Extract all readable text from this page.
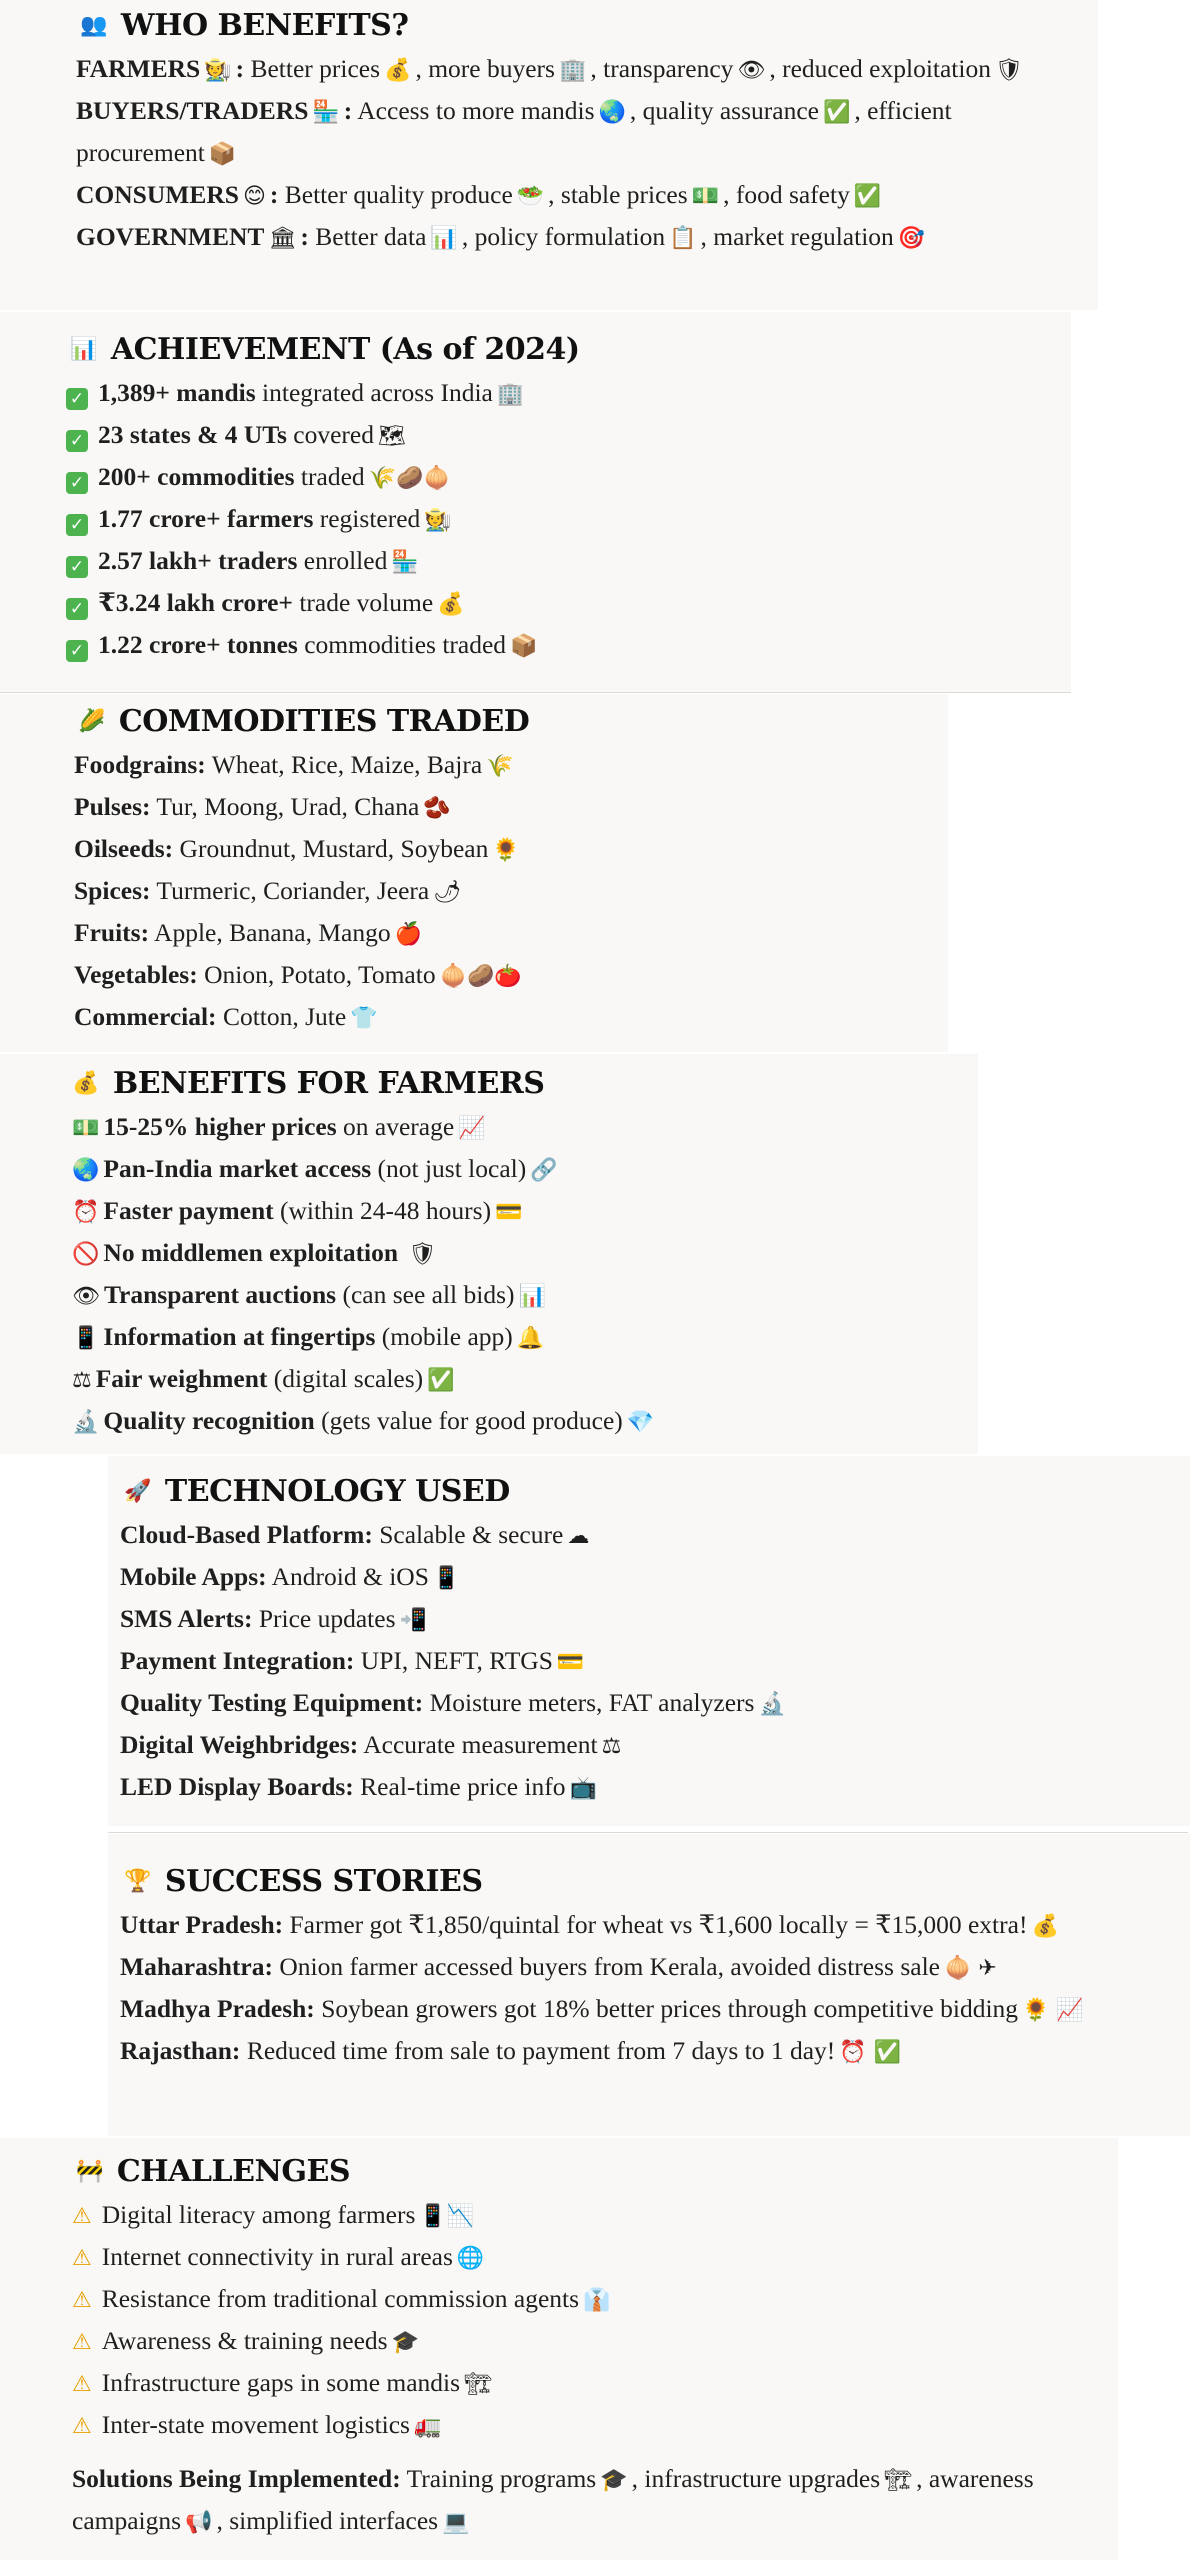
👥 WHO BENEFITS?
FARMERS 🧑‍🌾 : Better prices 💰 , more buyers 🏢 , transparency 👁 , reduced exploitation 🛡
BUYERS/TRADERS 🏪 : Access to more mandis 🌏 , quality assurance ✅ , efficient procurement 📦
CONSUMERS 😊 : Better quality produce 🥗 , stable prices 💵 , food safety ✅
GOVERNMENT 🏛 : Better data 📊 , policy formulation 📋 , market regulation 🎯
📊 ACHIEVEMENT (As of 2024)
✓ 1,389+ mandis integrated across India 🏢
✓ 23 states & 4 UTs covered 🗺
✓ 200+ commodities traded 🌾🥔🧅
✓ 1.77 crore+ farmers registered 🧑‍🌾
✓ 2.57 lakh+ traders enrolled 🏪
✓ ₹3.24 lakh crore+ trade volume 💰
✓ 1.22 crore+ tonnes commodities traded 📦
🌽 COMMODITIES TRADED
Foodgrains: Wheat, Rice, Maize, Bajra 🌾
Pulses: Tur, Moong, Urad, Chana 🫘
Oilseeds: Groundnut, Mustard, Soybean 🌻
Spices: Turmeric, Coriander, Jeera 🌶
Fruits: Apple, Banana, Mango 🍎
Vegetables: Onion, Potato, Tomato 🧅🥔🍅
Commercial: Cotton, Jute 👕
💰 BENEFITS FOR FARMERS
💵 15-25% higher prices on average 📈
🌏 Pan-India market access (not just local) 🔗
⏰ Faster payment (within 24-48 hours) 💳
🚫 No middlemen exploitation 🛡
👁 Transparent auctions (can see all bids) 📊
📱 Information at fingertips (mobile app) 🔔
⚖ Fair weighment (digital scales) ✅
🔬 Quality recognition (gets value for good produce) 💎
🚀 TECHNOLOGY USED
Cloud-Based Platform: Scalable & secure ☁
Mobile Apps: Android & iOS 📱
SMS Alerts: Price updates 📲
Payment Integration: UPI, NEFT, RTGS 💳
Quality Testing Equipment: Moisture meters, FAT analyzers 🔬
Digital Weighbridges: Accurate measurement ⚖
LED Display Boards: Real-time price info 📺
🏆 SUCCESS STORIES
Uttar Pradesh: Farmer got ₹1,850/quintal for wheat vs ₹1,600 locally = ₹15,000 extra! 💰
Maharashtra: Onion farmer accessed buyers from Kerala, avoided distress sale 🧅 ✈
Madhya Pradesh: Soybean growers got 18% better prices through competitive bidding 🌻 📈
Rajasthan: Reduced time from sale to payment from 7 days to 1 day! ⏰ ✅
🚧 CHALLENGES
⚠ Digital literacy among farmers 📱📉
⚠ Internet connectivity in rural areas 🌐
⚠ Resistance from traditional commission agents 👔
⚠ Awareness & training needs 🎓
⚠ Infrastructure gaps in some mandis 🏗
⚠ Inter-state movement logistics 🚛
Solutions Being Implemented: Training programs 🎓 , infrastructure upgrades 🏗 , awareness campaigns 📢 , simplified interfaces 💻
